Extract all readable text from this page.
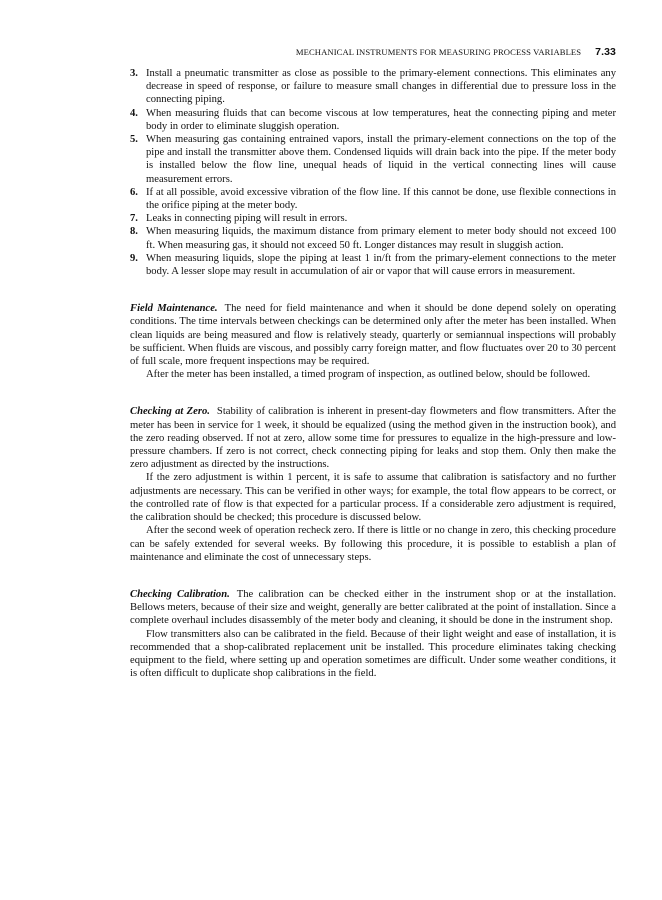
MECHANICAL INSTRUMENTS FOR MEASURING PROCESS VARIABLES 7.33
3. Install a pneumatic transmitter as close as possible to the primary-element connections. This eliminates any decrease in speed of response, or failure to measure small changes in differential due to pressure loss in the connecting piping.
4. When measuring fluids that can become viscous at low temperatures, heat the connecting piping and meter body in order to eliminate sluggish operation.
5. When measuring gas containing entrained vapors, install the primary-element connections on the top of the pipe and install the transmitter above them. Condensed liquids will drain back into the pipe. If the meter body is installed below the flow line, unequal heads of liquid in the vertical connecting lines will cause measurement errors.
6. If at all possible, avoid excessive vibration of the flow line. If this cannot be done, use flexible connections in the orifice piping at the meter body.
7. Leaks in connecting piping will result in errors.
8. When measuring liquids, the maximum distance from primary element to meter body should not exceed 100 ft. When measuring gas, it should not exceed 50 ft. Longer distances may result in sluggish action.
9. When measuring liquids, slope the piping at least 1 in/ft from the primary-element connections to the meter body. A lesser slope may result in accumulation of air or vapor that will cause errors in measurement.

Field Maintenance. The need for field maintenance and when it should be done depend solely on operating conditions. The time intervals between checkings can be determined only after the meter has been installed. When clean liquids are being measured and flow is relatively steady, quarterly or semiannual inspections will probably be sufficient. When fluids are viscous, and possibly carry foreign matter, and flow fluctuates over 20 to 30 percent of full scale, more frequent inspections may be required.

After the meter has been installed, a timed program of inspection, as outlined below, should be followed.

Checking at Zero. Stability of calibration is inherent in present-day flowmeters and flow transmitters. After the meter has been in service for 1 week, it should be equalized (using the method given in the instruction book), and the zero reading observed. If not at zero, allow some time for pressures to equalize in the high-pressure and low-pressure chambers. If zero is not correct, check connecting piping for leaks and stop them. Only then make the zero adjustment as directed by the instructions.

If the zero adjustment is within 1 percent, it is safe to assume that calibration is satisfactory and no further adjustments are necessary. This can be verified in other ways; for example, the total flow appears to be correct, or the controlled rate of flow is that expected for a particular process. If a considerable zero adjustment is required, the calibration should be checked; this procedure is discussed below.

After the second week of operation recheck zero. If there is little or no change in zero, this checking procedure can be safely extended for several weeks. By following this procedure, it is possible to establish a plan of maintenance and eliminate the cost of unnecessary steps.

Checking Calibration. The calibration can be checked either in the instrument shop or at the installation. Bellows meters, because of their size and weight, generally are better calibrated at the point of installation. Since a complete overhaul includes disassembly of the meter body and cleaning, it should be done in the instrument shop.

Flow transmitters also can be calibrated in the field. Because of their light weight and ease of installation, it is recommended that a shop-calibrated replacement unit be installed. This procedure eliminates taking checking equipment to the field, where setting up and operation sometimes are difficult. Under some weather conditions, it is often difficult to duplicate shop calibrations in the field.
